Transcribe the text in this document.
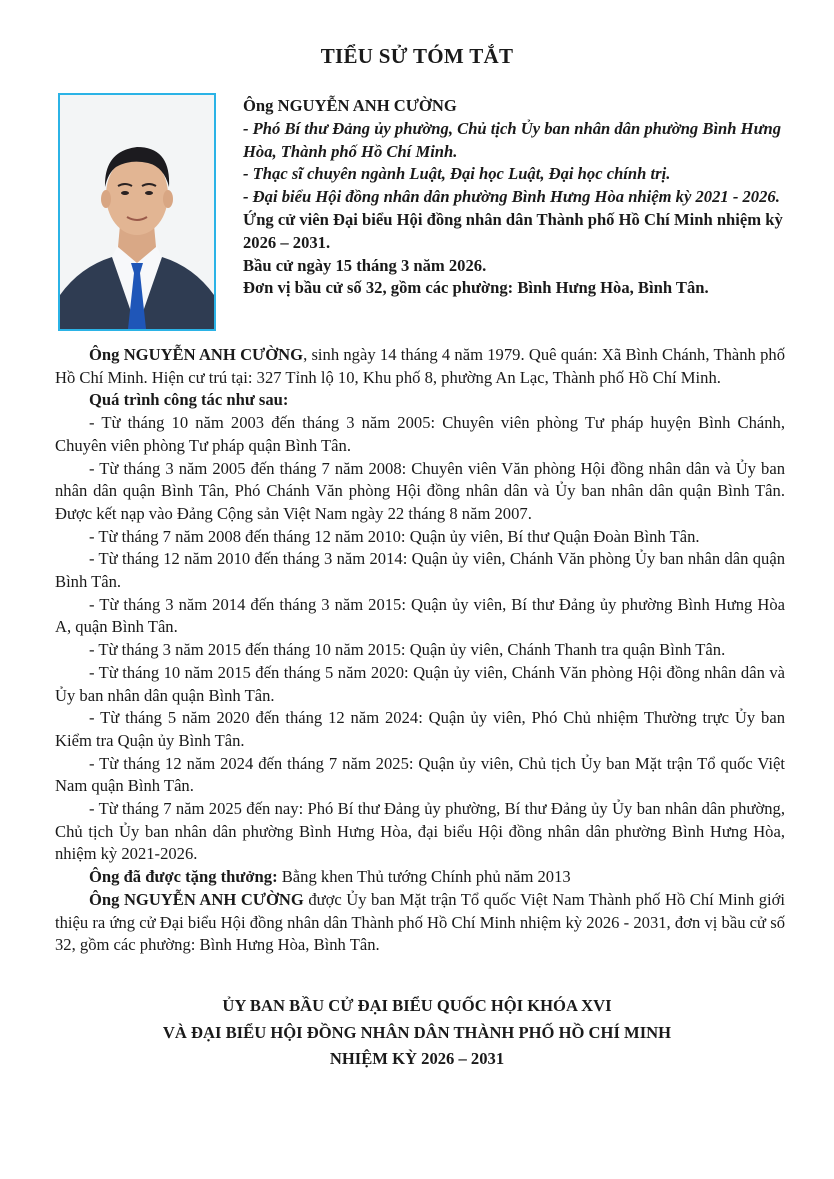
TIỂU SỬ TÓM TẮT
Ông NGUYỄN ANH CƯỜNG
- Phó Bí thư Đảng ủy phường, Chủ tịch Ủy ban nhân dân phường Bình Hưng Hòa, Thành phố Hồ Chí Minh.
- Thạc sĩ chuyên ngành Luật, Đại học Luật, Đại học chính trị.
- Đại biểu Hội đồng nhân dân phường Bình Hưng Hòa nhiệm kỳ 2021 - 2026.
Ứng cử viên Đại biểu Hội đồng nhân dân Thành phố Hồ Chí Minh nhiệm kỳ 2026 – 2031.
Bầu cử ngày 15 tháng 3 năm 2026.
Đơn vị bầu cử số 32, gồm các phường: Bình Hưng Hòa, Bình Tân.

Ông NGUYỄN ANH CƯỜNG, sinh ngày 14 tháng 4 năm 1979. Quê quán: Xã Bình Chánh, Thành phố Hồ Chí Minh. Hiện cư trú tại: 327 Tỉnh lộ 10, Khu phố 8, phường An Lạc, Thành phố Hồ Chí Minh.

Quá trình công tác như sau:

- Từ tháng 10 năm 2003 đến tháng 3 năm 2005: Chuyên viên phòng Tư pháp huyện Bình Chánh, Chuyên viên phòng Tư pháp quận Bình Tân.

- Từ tháng 3 năm 2005 đến tháng 7 năm 2008: Chuyên viên Văn phòng Hội đồng nhân dân và Ủy ban nhân dân quận Bình Tân, Phó Chánh Văn phòng Hội đồng nhân dân và Ủy ban nhân dân quận Bình Tân. Được kết nạp vào Đảng Cộng sản Việt Nam ngày 22 tháng 8 năm 2007.

- Từ tháng 7 năm 2008 đến tháng 12 năm 2010: Quận ủy viên, Bí thư Quận Đoàn Bình Tân.

- Từ tháng 12 năm 2010 đến tháng 3 năm 2014: Quận ủy viên, Chánh Văn phòng Ủy ban nhân dân quận Bình Tân.

- Từ tháng 3 năm 2014 đến tháng 3 năm 2015: Quận ủy viên, Bí thư Đảng ủy phường Bình Hưng Hòa A, quận Bình Tân.

- Từ tháng 3 năm 2015 đến tháng 10 năm 2015: Quận ủy viên, Chánh Thanh tra quận Bình Tân.

- Từ tháng 10 năm 2015 đến tháng 5 năm 2020: Quận ủy viên, Chánh Văn phòng Hội đồng nhân dân và Ủy ban nhân dân quận Bình Tân.

- Từ tháng 5 năm 2020 đến tháng 12 năm 2024: Quận ủy viên, Phó Chủ nhiệm Thường trực Ủy ban Kiểm tra Quận ủy Bình Tân.

- Từ tháng 12 năm 2024 đến tháng 7 năm 2025: Quận ủy viên, Chủ tịch Ủy ban Mặt trận Tổ quốc Việt Nam quận Bình Tân.

- Từ tháng 7 năm 2025 đến nay: Phó Bí thư Đảng ủy phường, Bí thư Đảng ủy Ủy ban nhân dân phường, Chủ tịch Ủy ban nhân dân phường Bình Hưng Hòa, đại biểu Hội đồng nhân dân phường Bình Hưng Hòa, nhiệm kỳ 2021-2026.

Ông đã được tặng thưởng: Bằng khen Thủ tướng Chính phủ năm 2013

Ông NGUYỄN ANH CƯỜNG được Ủy ban Mặt trận Tổ quốc Việt Nam Thành phố Hồ Chí Minh giới thiệu ra ứng cử Đại biểu Hội đồng nhân dân Thành phố Hồ Chí Minh nhiệm kỳ 2026 - 2031, đơn vị bầu cử số 32, gồm các phường: Bình Hưng Hòa, Bình Tân.

ỦY BAN BẦU CỬ ĐẠI BIỂU QUỐC HỘI KHÓA XVI
VÀ ĐẠI BIỂU HỘI ĐỒNG NHÂN DÂN THÀNH PHỐ HỒ CHÍ MINH
NHIỆM KỲ 2026 – 2031
